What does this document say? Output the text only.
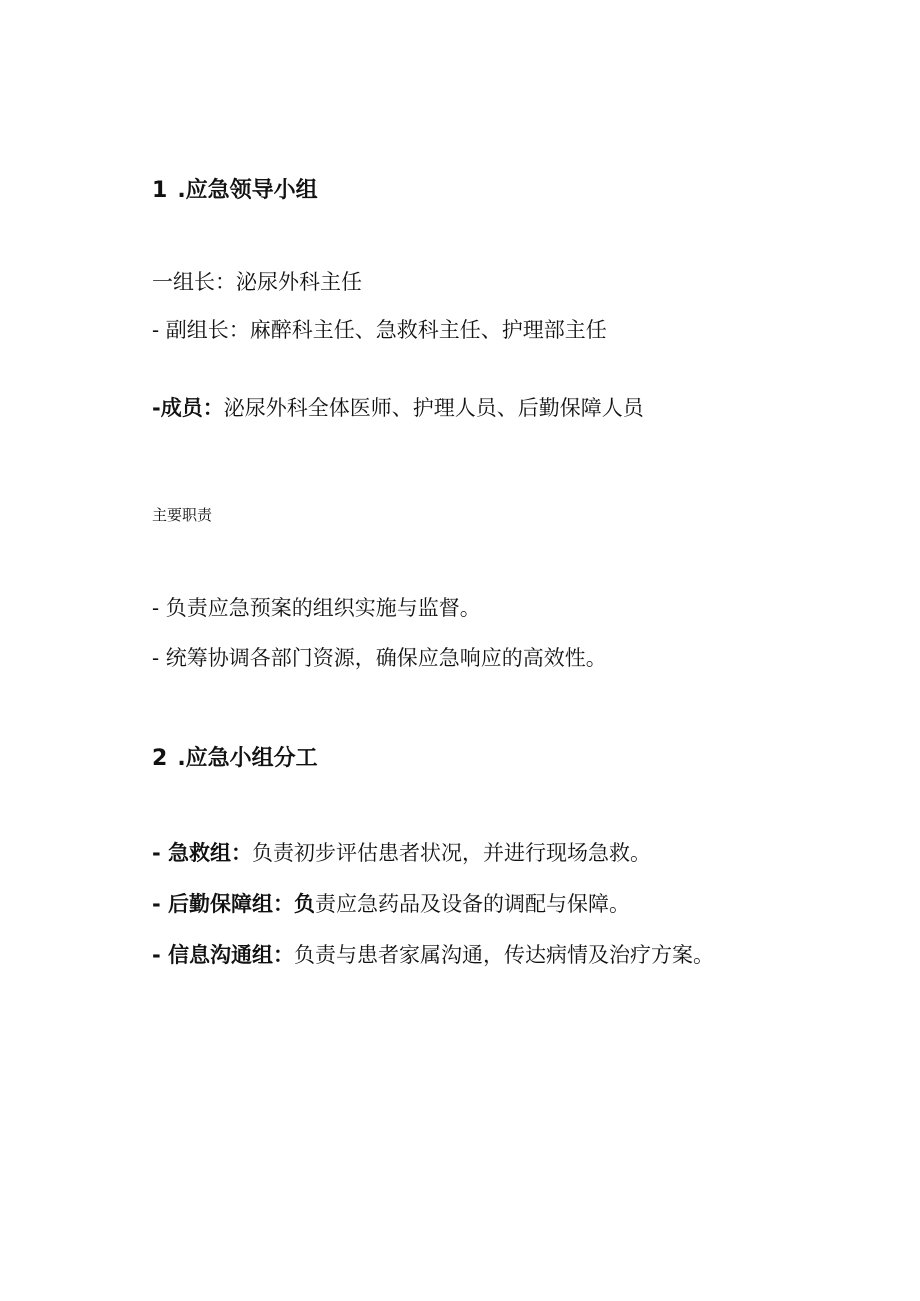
1 .应急领导小组
一组长：泌尿外科主任
- 副组长：麻醉科主任、急救科主任、护理部主任
-成员：泌尿外科全体医师、护理人员、后勤保障人员
主要职责
- 负责应急预案的组织实施与监督。
- 统筹协调各部门资源，确保应急响应的高效性。
2 .应急小组分工
- 急救组：负责初步评估患者状况，并进行现场急救。
- 后勤保障组：负责应急药品及设备的调配与保障。
- 信息沟通组：负责与患者家属沟通，传达病情及治疗方案。
